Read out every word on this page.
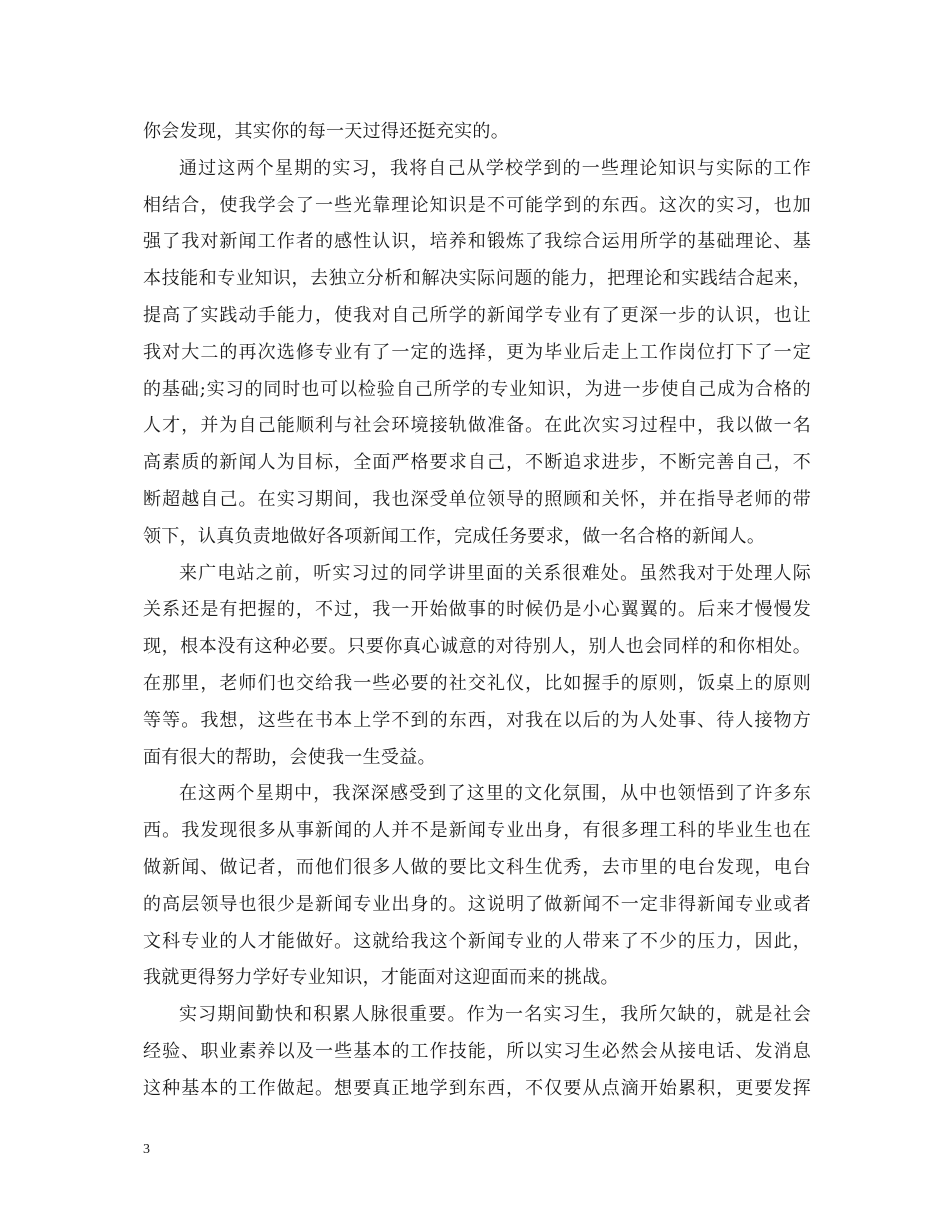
你会发现，其实你的每一天过得还挺充实的。
通过这两个星期的实习，我将自己从学校学到的一些理论知识与实际的工作
相结合，使我学会了一些光靠理论知识是不可能学到的东西。这次的实习，也加
强了我对新闻工作者的感性认识，培养和锻炼了我综合运用所学的基础理论、基
本技能和专业知识，去独立分析和解决实际问题的能力，把理论和实践结合起来，
提高了实践动手能力，使我对自己所学的新闻学专业有了更深一步的认识，也让
我对大二的再次选修专业有了一定的选择，更为毕业后走上工作岗位打下了一定
的基础;实习的同时也可以检验自己所学的专业知识，为进一步使自己成为合格的
人才，并为自己能顺利与社会环境接轨做准备。在此次实习过程中，我以做一名
高素质的新闻人为目标，全面严格要求自己，不断追求进步，不断完善自己，不
断超越自己。在实习期间，我也深受单位领导的照顾和关怀，并在指导老师的带
领下，认真负责地做好各项新闻工作，完成任务要求，做一名合格的新闻人。
来广电站之前，听实习过的同学讲里面的关系很难处。虽然我对于处理人际
关系还是有把握的，不过，我一开始做事的时候仍是小心翼翼的。后来才慢慢发
现，根本没有这种必要。只要你真心诚意的对待别人，别人也会同样的和你相处。
在那里，老师们也交给我一些必要的社交礼仪，比如握手的原则，饭桌上的原则
等等。我想，这些在书本上学不到的东西，对我在以后的为人处事、待人接物方
面有很大的帮助，会使我一生受益。
在这两个星期中，我深深感受到了这里的文化氛围，从中也领悟到了许多东
西。我发现很多从事新闻的人并不是新闻专业出身，有很多理工科的毕业生也在
做新闻、做记者，而他们很多人做的要比文科生优秀，去市里的电台发现，电台
的高层领导也很少是新闻专业出身的。这说明了做新闻不一定非得新闻专业或者
文科专业的人才能做好。这就给我这个新闻专业的人带来了不少的压力，因此，
我就更得努力学好专业知识，才能面对这迎面而来的挑战。
实习期间勤快和积累人脉很重要。作为一名实习生，我所欠缺的，就是社会
经验、职业素养以及一些基本的工作技能，所以实习生必然会从接电话、发消息
这种基本的工作做起。想要真正地学到东西，不仅要从点滴开始累积，更要发挥
3
